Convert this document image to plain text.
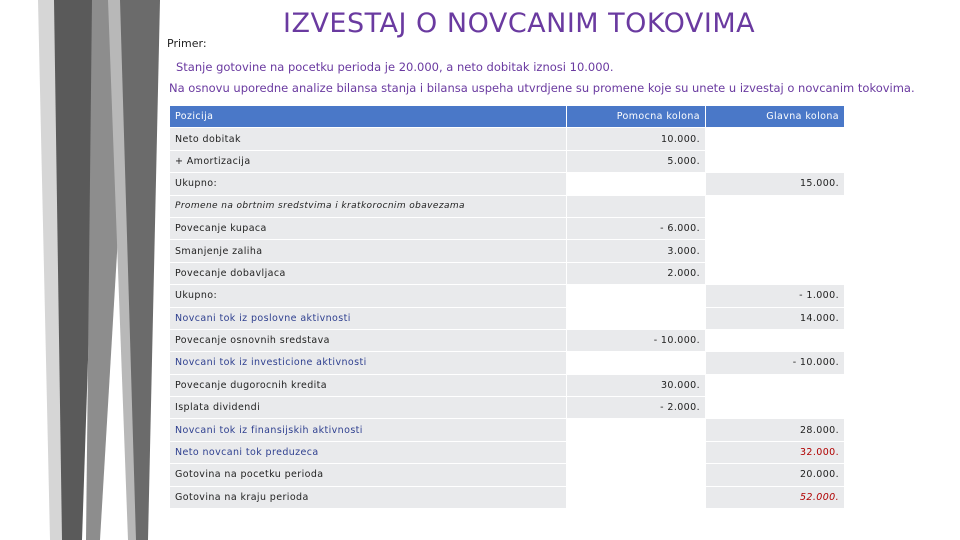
IZVESTAJ O NOVCANIM TOKOVIMA
Primer:
Stanje gotovine na pocetku perioda je 20.000, a neto dobitak iznosi 10.000.
Na osnovu uporedne analize bilansa stanja i bilansa uspeha utvrdjene su promene koje su unete u izvestaj o novcanim tokovima.
Pozicija	Pomocna kolona	Glavna kolona
Neto dobitak	10.000.	
+ Amortizacija	5.000.	
Ukupno:		15.000.
Promene na obrtnim sredstvima i kratkorocnim obavezama		
Povecanje kupaca	- 6.000.	
Smanjenje zaliha	3.000.	
Povecanje dobavljaca	2.000.	
Ukupno:		- 1.000.
Novcani tok iz poslovne aktivnosti		14.000.
Povecanje osnovnih sredstava	- 10.000.	
Novcani tok iz investicione aktivnosti		- 10.000.
Povecanje dugorocnih kredita	30.000.	
Isplata dividendi	- 2.000.	
Novcani tok iz finansijskih aktivnosti		28.000.
Neto novcani tok preduzeca		32.000.
Gotovina na pocetku perioda		20.000.
Gotovina na kraju perioda		52.000.
